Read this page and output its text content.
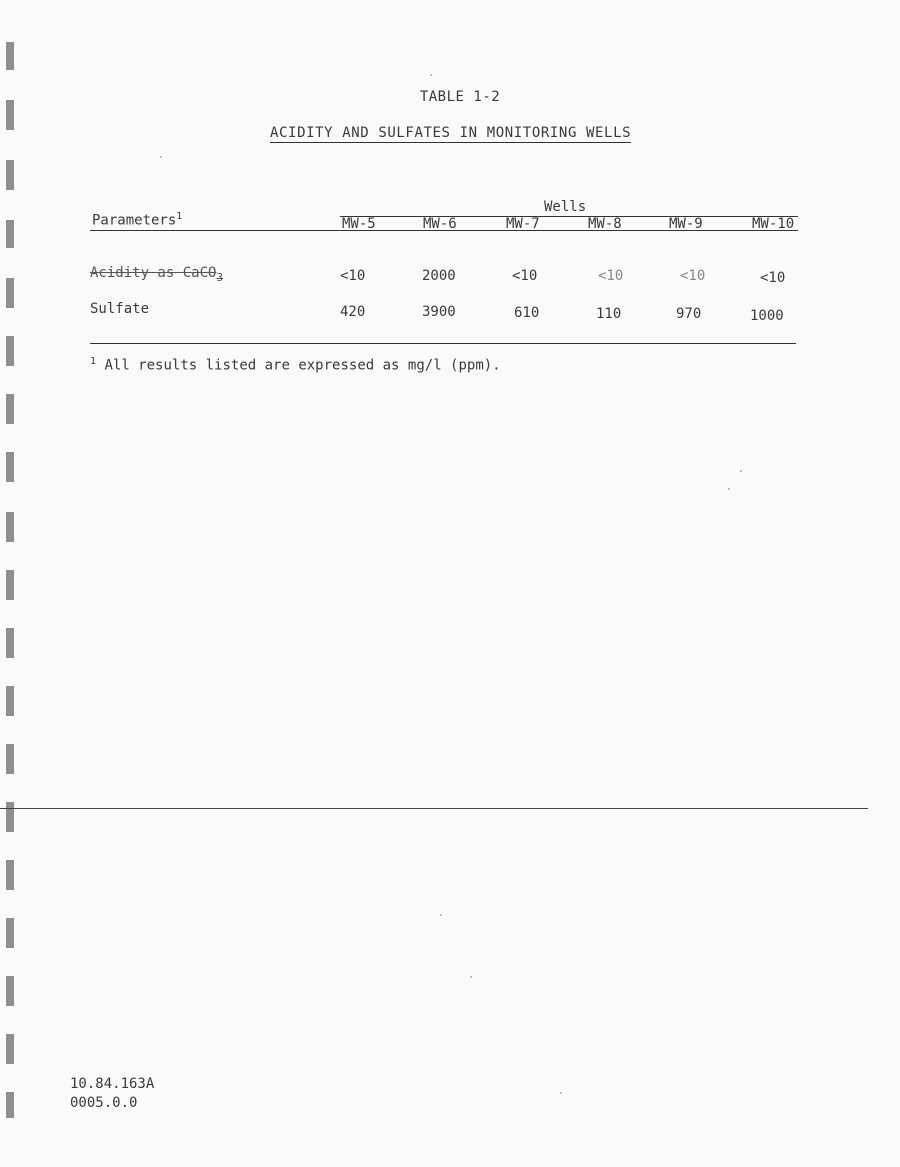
TABLE 1-2
ACIDITY AND SULFATES IN MONITORING WELLS
Parameters$^1$
Wells
MW-5	MW-6	MW-7	MW-8	MW-9	MW-10
Acidity as CaCO$_3$	<10	2000	<10	<10	<10	<10
Sulfate	420	3900	610	110	970	1000
$^1$ All results listed are expressed as mg/l (ppm).
10.84.163A
0005.0.0
